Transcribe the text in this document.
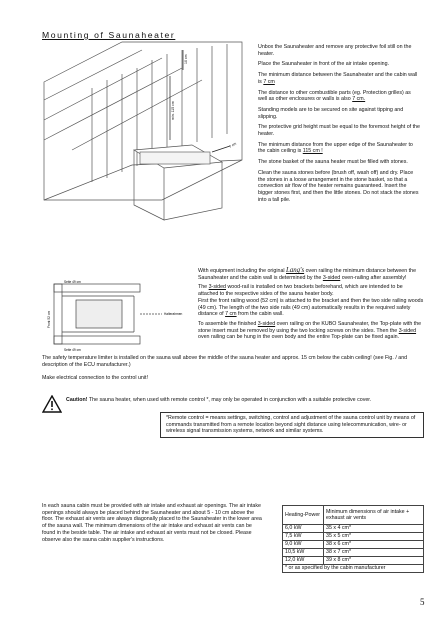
Mounting of Saunaheater
10 cm
min. 115 cm
7 cm
Unbox the Saunaheater and remove any protective foil still on the heater.
Place the Saunaheater in front of the air intake opening.
The minimum distance between the Saunaheater and the cabin wall is 7 cm
The distance to other combustible parts (eg. Protection grilles) as well as other enclosures or walls is also 7 cm.
Standing models are to be secured on site against tipping and slipping.
The protective grid height must be equal to the foremost height of the heater.
The minimum distance from the upper edge of the Saunaheater to the cabin ceiling is 115 cm !
The stone basket of the sauna heater must be filled with stones.
Clean the sauna stones before (brush off, wash off) and dry. Place the stones in a loose arrangement in the stone basket, so that a convection air flow of the heater remains guaranteed. Insert the bigger stones first, and then the little stones. Do not stack the stones into a tall pile.
Seite 49 cm
Seite 49 cm
Front 52 cm	Halterahmen
With equipment including the original Lang's oven railing the minimum distance between the Saunaheater and the cabin wall is determined by the 3-sided oven-railing after assembly!
The 3-sided wood-rail is installed on two brackets beforehand, which are intended to be attached to the respective sides of the sauna heater body.
First the front railing wood (52 cm) is attached to the bracket and then the two side railing woods (49 cm). The length of the two side rails (49 cm) automatically results in the required safety distance of 7 cm from the cabin wall.
To assemble the finished 3-sided oven railing on the KUBO Saunaheater, the Top-plate with the stone insert must be removed by using the two locking screws on the sides. Then the 3-sided oven railing can be hung in the oven body and the entire Top-plate can be fixed again.
The safety temperature limiter is installed on the sauna wall above the middle of the sauna heater and approx. 15 cm below the cabin ceiling! (see Fig. / and description of the ECU manufacturer.)
Make electrical connection to the control unit!
Caution! The sauna heater, when used with remote control *, may only be operated in conjunction with a suitable protective cover.
*Remote control = means settings, switching, control and adjustment of the sauna control unit by means of commands transmitted from a remote location beyond sight distance using telecommunication, wire- or wireless signal transmission systems, network and similar systems.
In each sauna cabin must be provided with air intake and exhaust air openings. The air intake openings should always be placed behind the Saunaheater and about 5 - 10 cm above the floor. The exhaust air vents are always diagonally placed to the Saunaheater in the lower area of the sauna wall. The minimum dimensions of the air intake and exhaust air vents can be found in the beside table. The air intake and exhaust air vents must not be closed. Please observe also the sauna cabin supplier's instructions.
Heating-Power	Minimum dimensions of air intake + exhaust air vents
6,0 kW	35 x 4 cm*
7,5 kW	35 x 5 cm*
9,0 kW	38 x 6 cm*
10,5 kW	38 x 7 cm*
12,0 kW	39 x 8 cm*
* or as specified by the cabin manufacturer	
5
